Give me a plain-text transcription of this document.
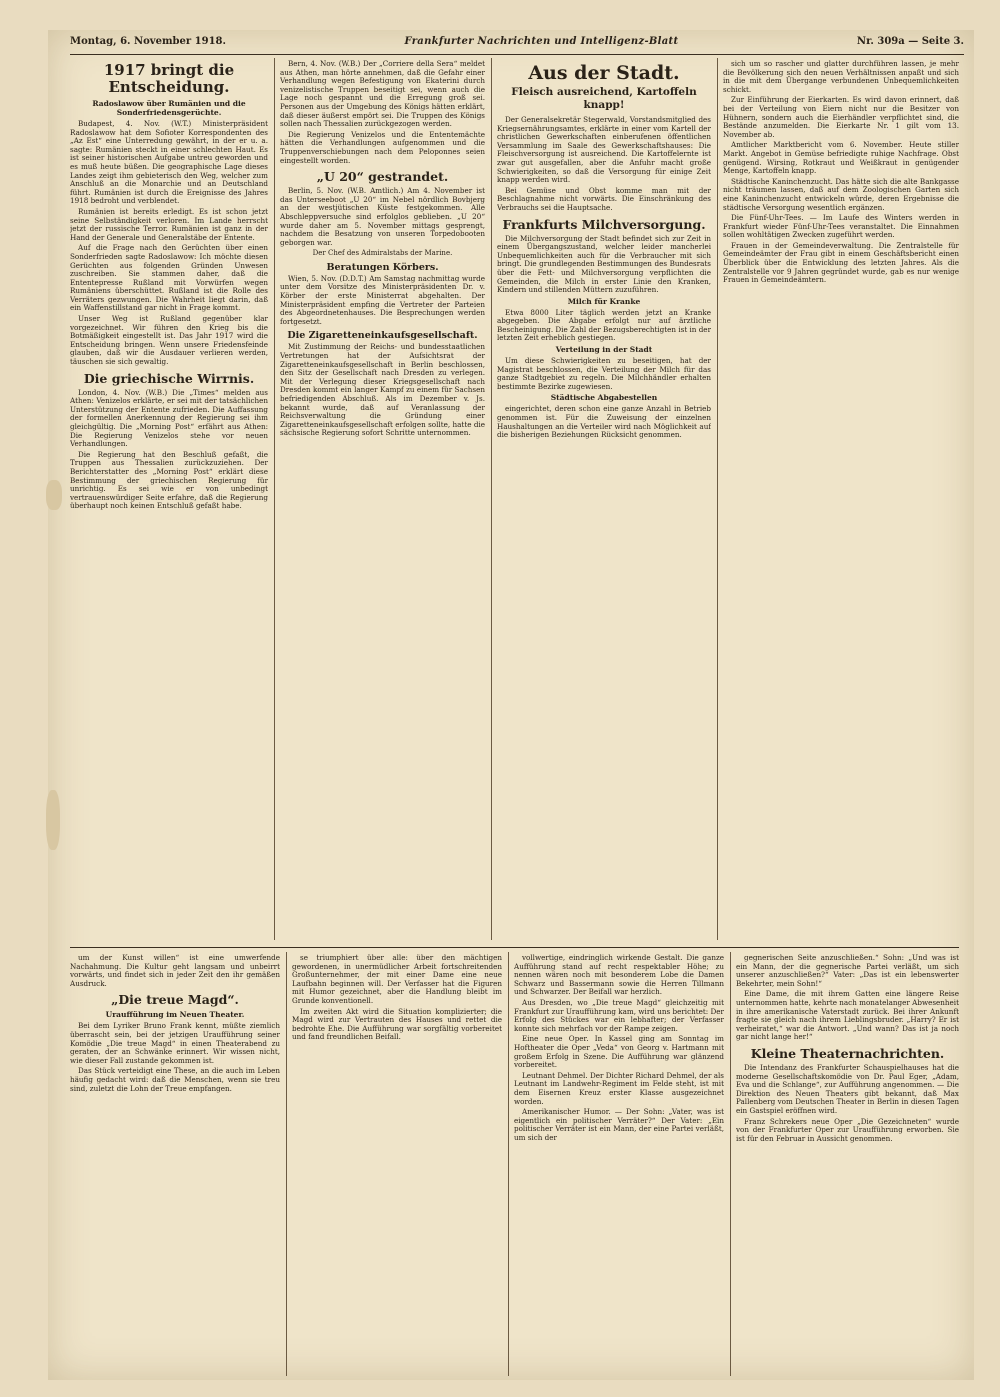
Montag, 6. November 1918.	Frankfurter Nachrichten und Intelligenz-Blatt	Nr. 309a — Seite 3.
1917 bringt die Entscheidung.
Radoslawow über Rumänien und die Sonderfriedensgerüchte.

Budapest, 4. Nov. (W.T.) Ministerpräsident Radoslawow hat dem Sofioter Korrespondenten des „Az Est“ eine Unterredung gewährt, in der er u. a. sagte: Rumänien steckt in einer schlechten Haut. Es ist seiner historischen Aufgabe untreu geworden und es muß heute büßen. Die geographische Lage dieses Landes zeigt ihm gebieterisch den Weg, welcher zum Anschluß an die Monarchie und an Deutschland führt. Rumänien ist durch die Ereignisse des Jahres 1918 bedroht und verblendet.

Rumänien ist bereits erledigt. Es ist schon jetzt seine Selbständigkeit verloren. Im Lande herrscht jetzt der russische Terror. Rumänien ist ganz in der Hand der Generale und Generalstäbe der Entente.

Auf die Frage nach den Gerüchten über einen Sonderfrieden sagte Radoslawow: Ich möchte diesen Gerüchten aus folgenden Gründen Unwesen zuschreiben. Sie stammen daher, daß die Ententepresse Rußland mit Vorwürfen wegen Rumäniens überschüttet. Rußland ist die Rolle des Verräters gezwungen. Die Wahrheit liegt darin, daß ein Waffenstillstand gar nicht in Frage kommt.

Unser Weg ist Rußland gegenüber klar vorgezeichnet. Wir führen den Krieg bis die Botmäßigkeit eingestellt ist. Das Jahr 1917 wird die Entscheidung bringen. Wenn unsere Friedensfeinde glauben, daß wir die Ausdauer verlieren werden, täuschen sie sich gewaltig.

Die griechische Wirrnis.

London, 4. Nov. (W.B.) Die „Times“ melden aus Athen: Venizelos erklärte, er sei mit der tatsächlichen Unterstützung der Entente zufrieden. Die Auffassung der formellen Anerkennung der Regierung sei ihm gleichgültig. Die „Morning Post“ erfährt aus Athen: Die Regierung Venizelos stehe vor neuen Verhandlungen.

Die Regierung hat den Beschluß gefaßt, die Truppen aus Thessalien zurückzuziehen. Der Berichterstatter des „Morning Post“ erklärt diese Bestimmung der griechischen Regierung für unrichtig. Es sei wie er von unbedingt vertrauenswürdiger Seite erfahre, daß die Regierung überhaupt noch keinen Entschluß gefaßt habe.

Bern, 4. Nov. (W.B.) Der „Corriere della Sera“ meldet aus Athen, man hörte annehmen, daß die Gefahr einer Verhandlung wegen Befestigung von Ekaterini durch venizelistische Truppen beseitigt sei, wenn auch die Lage noch gespannt und die Erregung groß sei. Personen aus der Umgebung des Königs hätten erklärt, daß dieser äußerst empört sei. Die Truppen des Königs sollen nach Thessalien zurückgezogen werden.

Die Regierung Venizelos und die Ententemächte hätten die Verhandlungen aufgenommen und die Truppenverschiebungen nach dem Peloponnes seien eingestellt worden.

„U 20“ gestrandet.

Berlin, 5. Nov. (W.B. Amtlich.) Am 4. November ist das Unterseeboot „U 20“ im Nebel nördlich Bovbjerg an der westjütischen Küste festgekommen. Alle Abschleppversuche sind erfolglos geblieben. „U 20“ wurde daher am 5. November mittags gesprengt, nachdem die Besatzung von unseren Torpedobooten geborgen war.

Der Chef des Admiralstabs der Marine.
Beratungen Körbers.

Wien, 5. Nov. (D.D.T.) Am Samstag nachmittag wurde unter dem Vorsitze des Ministerpräsidenten Dr. v. Körber der erste Ministerrat abgehalten. Der Ministerpräsident empfing die Vertreter der Parteien des Abgeordnetenhauses. Die Besprechungen werden fortgesetzt.

Die Zigaretteneinkaufsgesellschaft.

Mit Zustimmung der Reichs- und bundesstaatlichen Vertretungen hat der Aufsichtsrat der Zigaretteneinkaufsgesellschaft in Berlin beschlossen, den Sitz der Gesellschaft nach Dresden zu verlegen. Mit der Verlegung dieser Kriegsgesellschaft nach Dresden kommt ein langer Kampf zu einem für Sachsen befriedigenden Abschluß. Als im Dezember v. Js. bekannt wurde, daß auf Veranlassung der Reichsverwaltung die Gründung einer Zigaretteneinkaufsgesellschaft erfolgen sollte, hatte die sächsische Regierung sofort Schritte unternommen.

Aus der Stadt.
Fleisch ausreichend, Kartoffeln knapp!

Der Generalsekretär Stegerwald, Vorstandsmitglied des Kriegsernährungsamtes, erklärte in einer vom Kartell der christlichen Gewerkschaften einberufenen öffentlichen Versammlung im Saale des Gewerkschaftshauses: Die Fleischversorgung ist ausreichend. Die Kartoffelernte ist zwar gut ausgefallen, aber die Anfuhr macht große Schwierigkeiten, so daß die Versorgung für einige Zeit knapp werden wird.

Bei Gemüse und Obst komme man mit der Beschlagnahme nicht vorwärts. Die Einschränkung des Verbrauchs sei die Hauptsache.

Frankfurts Milchversorgung.

Die Milchversorgung der Stadt befindet sich zur Zeit in einem Übergangszustand, welcher leider mancherlei Unbequemlichkeiten auch für die Verbraucher mit sich bringt. Die grundlegenden Bestimmungen des Bundesrats über die Fett- und Milchversorgung verpflichten die Gemeinden, die Milch in erster Linie den Kranken, Kindern und stillenden Müttern zuzuführen.

Milch für Kranke

Etwa 8000 Liter täglich werden jetzt an Kranke abgegeben. Die Abgabe erfolgt nur auf ärztliche Bescheinigung. Die Zahl der Bezugsberechtigten ist in der letzten Zeit erheblich gestiegen.

Verteilung in der Stadt

Um diese Schwierigkeiten zu beseitigen, hat der Magistrat beschlossen, die Verteilung der Milch für das ganze Stadtgebiet zu regeln. Die Milchhändler erhalten bestimmte Bezirke zugewiesen.

Städtische Abgabestellen

eingerichtet, deren schon eine ganze Anzahl in Betrieb genommen ist. Für die Zuweisung der einzelnen Haushaltungen an die Verteiler wird nach Möglichkeit auf die bisherigen Beziehungen Rücksicht genommen.

sich um so rascher und glatter durchführen lassen, je mehr die Bevölkerung sich den neuen Verhältnissen anpaßt und sich in die mit dem Übergange verbundenen Unbequemlichkeiten schickt.

Zur Einführung der Eierkarten. Es wird davon erinnert, daß bei der Verteilung von Eiern nicht nur die Besitzer von Hühnern, sondern auch die Eierhändler verpflichtet sind, die Bestände anzumelden. Die Eierkarte Nr. 1 gilt vom 13. November ab.

Amtlicher Marktbericht vom 6. November. Heute stiller Markt. Angebot in Gemüse befriedigte ruhige Nachfrage. Obst genügend. Wirsing, Rotkraut und Weißkraut in genügender Menge, Kartoffeln knapp.

Städtische Kaninchenzucht. Das hätte sich die alte Bankgasse nicht träumen lassen, daß auf dem Zoologischen Garten sich eine Kaninchenzucht entwickeln würde, deren Ergebnisse die städtische Versorgung wesentlich ergänzen.

Die Fünf-Uhr-Tees. — Im Laufe des Winters werden in Frankfurt wieder Fünf-Uhr-Tees veranstaltet. Die Einnahmen sollen wohltätigen Zwecken zugeführt werden.

Frauen in der Gemeindeverwaltung. Die Zentralstelle für Gemeindeämter der Frau gibt in einem Geschäftsbericht einen Überblick über die Entwicklung des letzten Jahres. Als die Zentralstelle vor 9 Jahren gegründet wurde, gab es nur wenige Frauen in Gemeindeämtern.

um der Kunst willen“ ist eine umwerfende Nachahmung. Die Kultur geht langsam und unbeirrt vorwärts, und findet sich in jeder Zeit den ihr gemäßen Ausdruck.

„Die treue Magd“.
Uraufführung im Neuen Theater.

Bei dem Lyriker Bruno Frank kennt, müßte ziemlich überrascht sein, bei der jetzigen Uraufführung seiner Komödie „Die treue Magd“ in einen Theaterabend zu geraten, der an Schwänke erinnert. Wir wissen nicht, wie dieser Fall zustande gekommen ist.

Das Stück verteidigt eine These, an die auch im Leben häufig gedacht wird: daß die Menschen, wenn sie treu sind, zuletzt die Lohn der Treue empfangen.

se triumphiert über alle: über den mächtigen gewordenen, in unermüdlicher Arbeit fortschreitenden Großunternehmer, der mit einer Dame eine neue Laufbahn beginnen will. Der Verfasser hat die Figuren mit Humor gezeichnet, aber die Handlung bleibt im Grunde konventionell.

Im zweiten Akt wird die Situation komplizierter; die Magd wird zur Vertrauten des Hauses und rettet die bedrohte Ehe. Die Aufführung war sorgfältig vorbereitet und fand freundlichen Beifall.

vollwertige, eindringlich wirkende Gestalt. Die ganze Aufführung stand auf recht respektabler Höhe; zu nennen wären noch mit besonderem Lobe die Damen Schwarz und Bassermann sowie die Herren Tillmann und Schwarzer. Der Beifall war herzlich.

Aus Dresden, wo „Die treue Magd“ gleichzeitig mit Frankfurt zur Uraufführung kam, wird uns berichtet: Der Erfolg des Stückes war ein lebhafter; der Verfasser konnte sich mehrfach vor der Rampe zeigen.

Eine neue Oper. In Kassel ging am Sonntag im Hoftheater die Oper „Veda“ von Georg v. Hartmann mit großem Erfolg in Szene. Die Aufführung war glänzend vorbereitet.

Leutnant Dehmel. Der Dichter Richard Dehmel, der als Leutnant im Landwehr-Regiment im Felde steht, ist mit dem Eisernen Kreuz erster Klasse ausgezeichnet worden.

Amerikanischer Humor. — Der Sohn: „Vater, was ist eigentlich ein politischer Verräter?“ Der Vater: „Ein politischer Verräter ist ein Mann, der eine Partei verläßt, um sich der

gegnerischen Seite anzuschließen.“ Sohn: „Und was ist ein Mann, der die gegnerische Partei verläßt, um sich unserer anzuschließen?“ Vater: „Das ist ein lebenswerter Bekehrter, mein Sohn!“

Eine Dame, die mit ihrem Gatten eine längere Reise unternommen hatte, kehrte nach monatelanger Abwesenheit in ihre amerikanische Vaterstadt zurück. Bei ihrer Ankunft fragte sie gleich nach ihrem Lieblingsbruder. „Harry? Er ist verheiratet,“ war die Antwort. „Und wann? Das ist ja noch gar nicht lange her!“

Kleine Theaternachrichten.

Die Intendanz des Frankfurter Schauspielhauses hat die moderne Gesellschaftskomödie von Dr. Paul Eger, „Adam, Eva und die Schlange“, zur Aufführung angenommen. — Die Direktion des Neuen Theaters gibt bekannt, daß Max Pallenberg vom Deutschen Theater in Berlin in diesen Tagen ein Gastspiel eröffnen wird.

Franz Schrekers neue Oper „Die Gezeichneten“ wurde von der Frankfurter Oper zur Uraufführung erworben. Sie ist für den Februar in Aussicht genommen.
